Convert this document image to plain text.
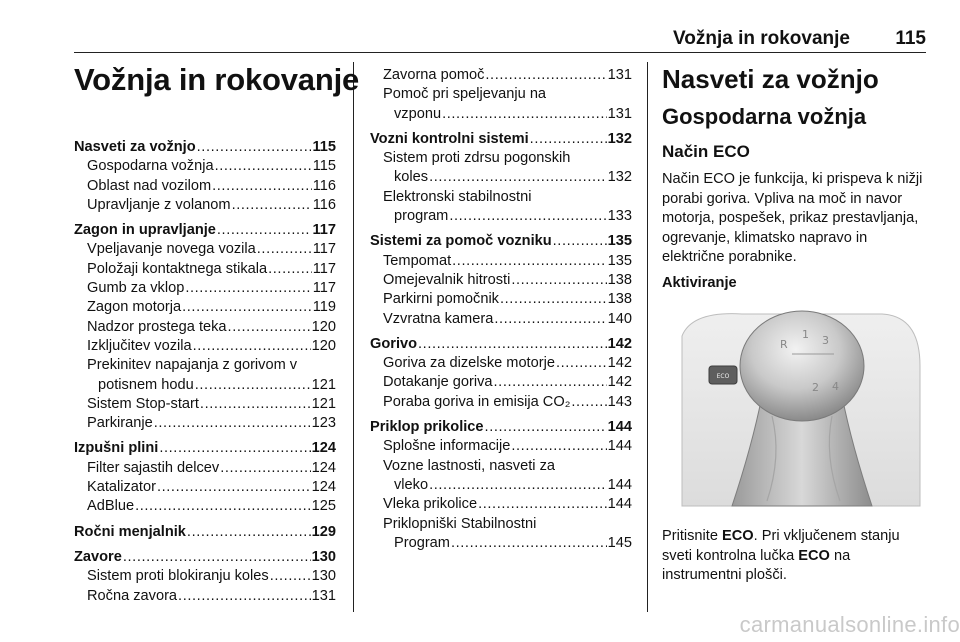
Vožnja in rokovanje 115
Vožnja in rokovanje
Nasveti za vožnjo .....	115
Gospodarna vožnja .....	115
Oblast nad vozilom .....	116
Upravljanje z volanom .....	116
Zagon in upravljanje .....	117
Vpeljavanje novega vozila .....	117
Položaji kontaktnega stikala .....	117
Gumb za vklop .....	117
Zagon motorja .....	119
Nadzor prostega teka .....	120
Izključitev vozila .....	120
Prekinitev napajanja z gorivom v
potisnem hodu .....	121
Sistem Stop-start .....	121
Parkiranje .....	123
Izpušni plini .....	124
Filter sajastih delcev .....	124
Katalizator .....	124
AdBlue .....	125
Ročni menjalnik .....	129
Zavore .....	130
Sistem proti blokiranju koles .....	130
Ročna zavora .....	131
Zavorna pomoč .....	131
Pomoč pri speljevanju na
vzponu .....	131
Vozni kontrolni sistemi .....	132
Sistem proti zdrsu pogonskih
koles .....	132
Elektronski stabilnostni
program .....	133
Sistemi za pomoč vozniku .....	135
Tempomat .....	135
Omejevalnik hitrosti .....	138
Parkirni pomočnik .....	138
Vzvratna kamera .....	140
Gorivo .....	142
Goriva za dizelske motorje .....	142
Dotakanje goriva .....	142
Poraba goriva in emisija CO₂ .....	143
Priklop prikolice .....	144
Splošne informacije .....	144
Vozne lastnosti, nasveti za
vleko .....	144
Vleka prikolice .....	144
Priklopniški Stabilnostni
Program .....	145
Nasveti za vožnjo
Gospodarna vožnja
Način ECO
Način ECO je funkcija, ki prispeva k nižji porabi goriva. Vpliva na moč in navor motorja, pospešek, prikaz prestavljanja, ogrevanje, klimatsko napravo in električne porabnike.
Aktiviranje
R
1 3
2 4
ECO
Pritisnite ECO. Pri vključenem stanju sveti kontrolna lučka ECO na instrumentni plošči.
carmanualsonline.info
